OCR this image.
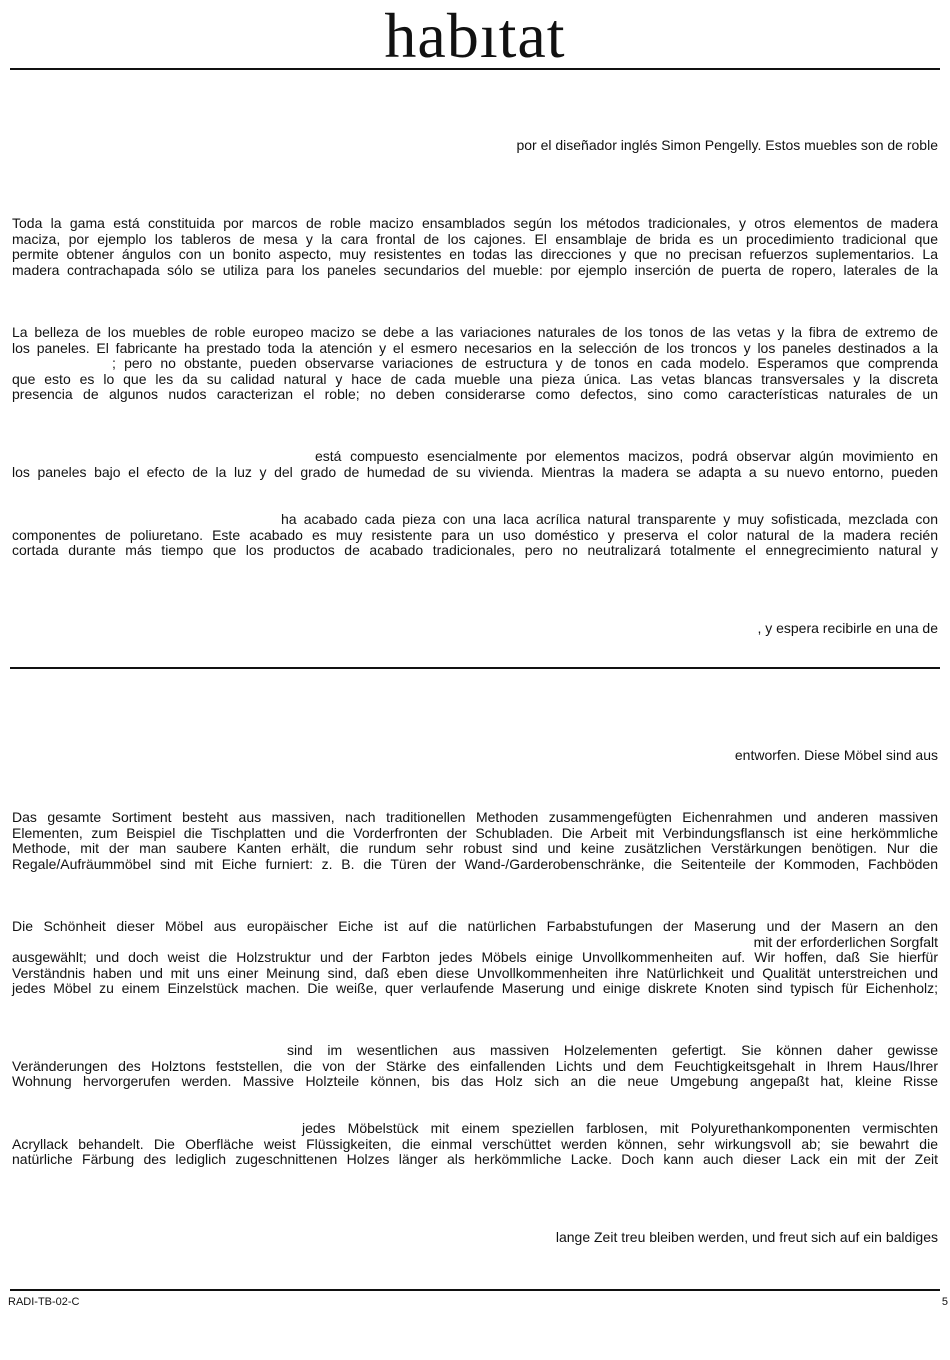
habıtat
por el diseñador inglés Simon Pengelly. Estos muebles son de roble
Toda la gama está constituida por marcos de roble macizo ensamblados según los métodos tradicionales, y otros elementos de madera
maciza, por ejemplo los tableros de mesa y la cara frontal de los cajones. El ensamblaje de brida es un procedimiento tradicional que
permite obtener ángulos con un bonito aspecto, muy resistentes en todas las direcciones y que no precisan refuerzos suplementarios. La
madera contrachapada sólo se utiliza para los paneles secundarios del mueble: por ejemplo inserción de puerta de ropero, laterales de la
La belleza de los muebles de roble europeo macizo se debe a las variaciones naturales de los tonos de las vetas y la fibra de extremo de
los paneles. El fabricante ha prestado toda la atención y el esmero necesarios en la selección de los troncos y los paneles destinados a la
; pero no obstante, pueden observarse variaciones de estructura y de tonos en cada modelo. Esperamos que comprenda
que esto es lo que les da su calidad natural y hace de cada mueble una pieza única. Las vetas blancas transversales y la discreta
presencia de algunos nudos caracterizan el roble; no deben considerarse como defectos, sino como características naturales de un
está compuesto esencialmente por elementos macizos, podrá observar algún movimiento en
los paneles bajo el efecto de la luz y del grado de humedad de su vivienda. Mientras la madera se adapta a su nuevo entorno, pueden
ha acabado cada pieza con una laca acrílica natural transparente y muy sofisticada, mezclada con
componentes de poliuretano. Este acabado es muy resistente para un uso doméstico y preserva el color natural de la madera recién
cortada durante más tiempo que los productos de acabado tradicionales, pero no neutralizará totalmente el ennegrecimiento natural y
, y espera recibirle en una de
entworfen. Diese Möbel sind aus
Das gesamte Sortiment besteht aus massiven, nach traditionellen Methoden zusammengefügten Eichenrahmen und anderen massiven
Elementen, zum Beispiel die Tischplatten und die Vorderfronten der Schubladen. Die Arbeit mit Verbindungsflansch ist eine herkömmliche
Methode, mit der man saubere Kanten erhält, die rundum sehr robust sind und keine zusätzlichen Verstärkungen benötigen. Nur die
Regale/Aufräummöbel sind mit Eiche furniert: z. B. die Türen der Wand-/Garderobenschränke, die Seitenteile der Kommoden, Fachböden
Die Schönheit dieser Möbel aus europäischer Eiche ist auf die natürlichen Farbabstufungen der Maserung und der Masern an den
mit der erforderlichen Sorgfalt
ausgewählt; und doch weist die Holzstruktur und der Farbton jedes Möbels einige Unvollkommenheiten auf. Wir hoffen, daß Sie hierfür
Verständnis haben und mit uns einer Meinung sind, daß eben diese Unvollkommenheiten ihre Natürlichkeit und Qualität unterstreichen und
jedes Möbel zu einem Einzelstück machen. Die weiße, quer verlaufende Maserung und einige diskrete Knoten sind typisch für Eichenholz;
sind im wesentlichen aus massiven Holzelementen gefertigt. Sie können daher gewisse
Veränderungen des Holztons feststellen, die von der Stärke des einfallenden Lichts und dem Feuchtigkeitsgehalt in Ihrem Haus/Ihrer
Wohnung hervorgerufen werden. Massive Holzteile können, bis das Holz sich an die neue Umgebung angepaßt hat, kleine Risse
jedes Möbelstück mit einem speziellen farblosen, mit Polyurethankomponenten vermischten
Acryllack behandelt. Die Oberfläche weist Flüssigkeiten, die einmal verschüttet werden können, sehr wirkungsvoll ab; sie bewahrt die
natürliche Färbung des lediglich zugeschnittenen Holzes länger als herkömmliche Lacke. Doch kann auch dieser Lack ein mit der Zeit
lange Zeit treu bleiben werden, und freut sich auf ein baldiges
RADI-TB-02-C	5
